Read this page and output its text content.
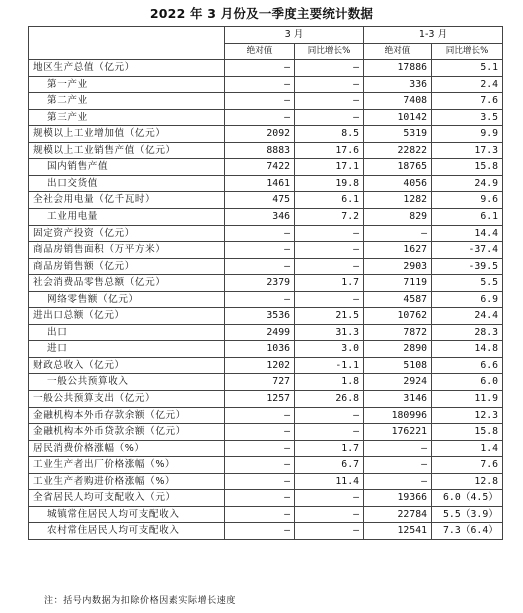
2022 年 3 月份及一季度主要统计数据
	3 月		1-3 月	
	绝对值	同比增长%	绝对值	同比增长%
地区生产总值（亿元）	–	–	17886	5.1
第一产业	–	–	336	2.4
第二产业	–	–	7408	7.6
第三产业	–	–	10142	3.5
规模以上工业增加值（亿元）	2092	8.5	5319	9.9
规模以上工业销售产值（亿元）	8883	17.6	22822	17.3
国内销售产值	7422	17.1	18765	15.8
出口交货值	1461	19.8	4056	24.9
全社会用电量（亿千瓦时）	475	6.1	1282	9.6
工业用电量	346	7.2	829	6.1
固定资产投资（亿元）	–	–	–	14.4
商品房销售面积（万平方米）	–	–	1627	-37.4
商品房销售额（亿元）	–	–	2903	-39.5
社会消费品零售总额（亿元）	2379	1.7	7119	5.5
网络零售额（亿元）	–	–	4587	6.9
进出口总额（亿元）	3536	21.5	10762	24.4
出口	2499	31.3	7872	28.3
进口	1036	3.0	2890	14.8
财政总收入（亿元）	1202	-1.1	5108	6.6
一般公共预算收入	727	1.8	2924	6.0
一般公共预算支出（亿元）	1257	26.8	3146	11.9
金融机构本外币存款余额（亿元）	–	–	180996	12.3
金融机构本外币贷款余额（亿元）	–	–	176221	15.8
居民消费价格涨幅（%）	–	1.7	–	1.4
工业生产者出厂价格涨幅（%）	–	6.7	–	7.6
工业生产者购进价格涨幅（%）	–	11.4	–	12.8
全省居民人均可支配收入（元）	–	–	19366	6.0（4.5）
城镇常住居民人均可支配收入	–	–	22784	5.5（3.9）
农村常住居民人均可支配收入	–	–	12541	7.3（6.4）
注：括号内数据为扣除价格因素实际增长速度
